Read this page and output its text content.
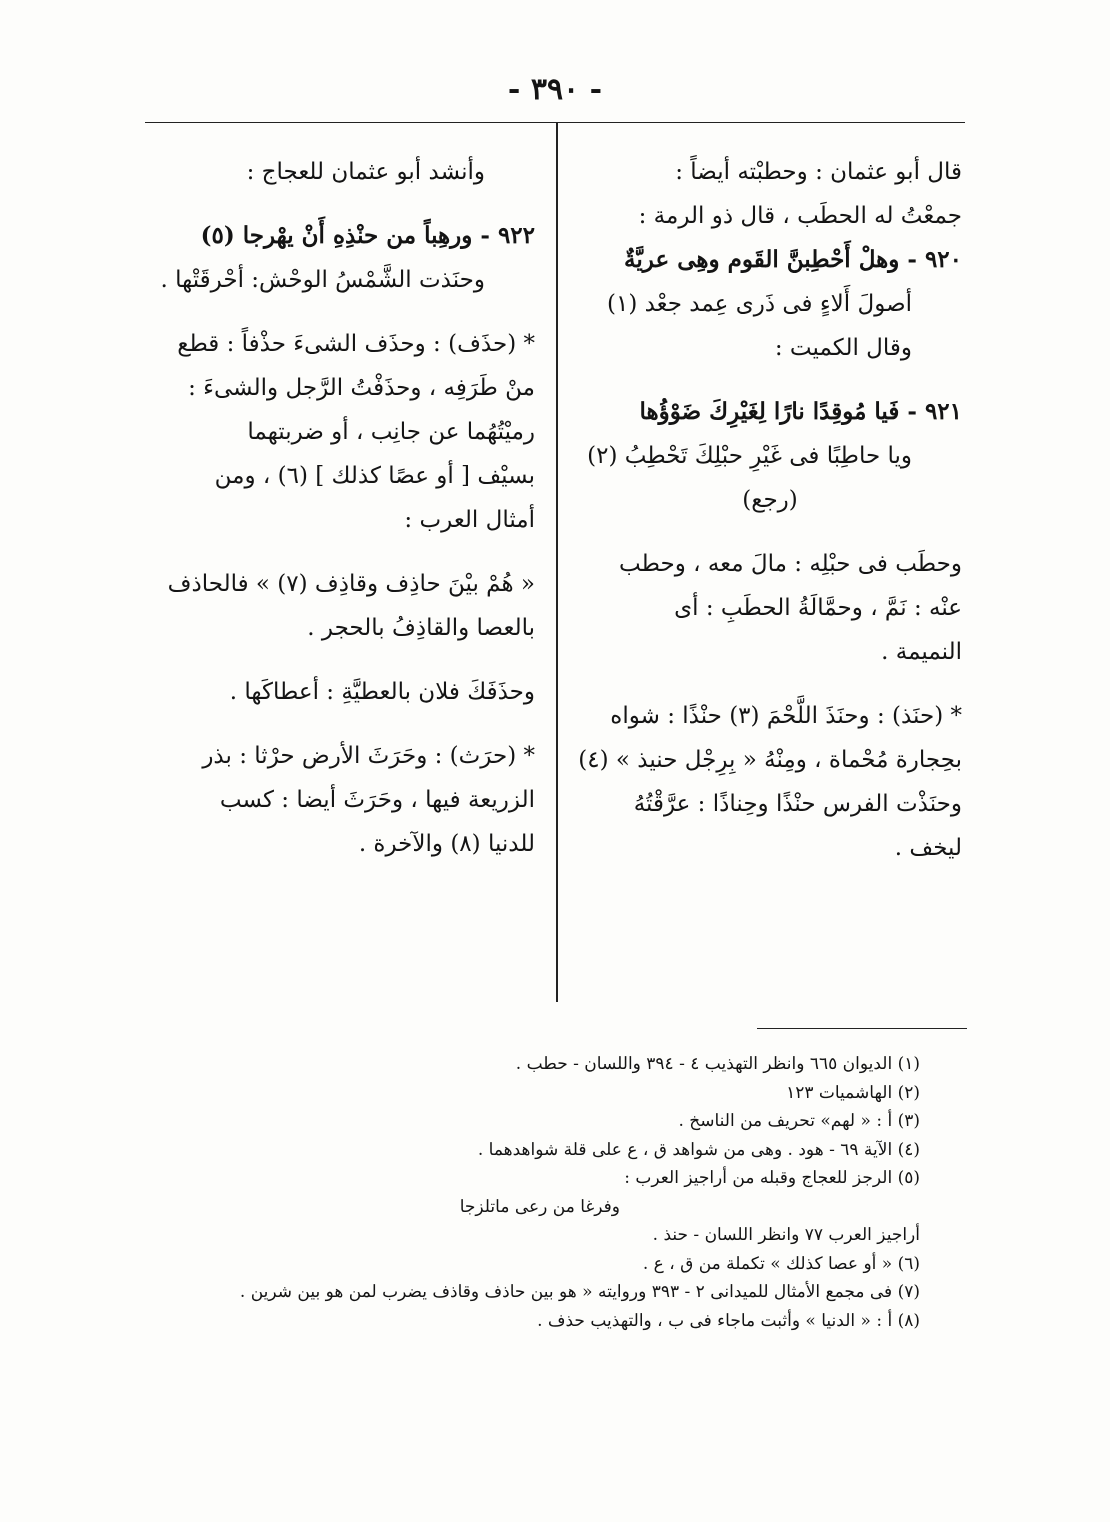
- ٣٩٠ -
قال أبو عثمان : وحطبْته أيضاً :
جمعْتُ له الحطَب ، قال ذو الرمة :
٩٢٠ - وهلْ أَحْطِبنَّ القَوم وهِى عريَّةٌ
أصولَ أَلاءٍ فى ذَرى عِمد جعْد (١)
وقال الكميت :
٩٢١ - فَيا مُوقِدًا نارًا لِغَيْرِكَ ضَوْؤُها
ويا حاطِبًا فى غَيْرِ حبْلِكَ تَحْطِبُ (٢)
(رجع)
وحطَب فى حبْلِه : مالَ معه ، وحطب
عنْه : نَمَّ ، وحمَّالَةُ الحطَبِ : أى
النميمة .
* (حنَذ) : وحنَذَ اللَّحْمَ (٣) حنْذًا : شواه
بحِجارة مُحْماة ، ومِنْهُ « بِرِجْل حنيذ » (٤)
وحنَذْت الفرس حنْذًا وحِناذًا : عرَّقْتُهُ
ليخف .
وأنشد أبو عثمان للعجاج :
٩٢٢ - ورهِباً من حنْذِهِ أَنْ يهْرجا (٥)
وحنَذت الشَّمْسُ الوحْش: أحْرقَتْها .
* (حذَف) : وحذَف الشىءَ حذْفاً : قطع
منْ طَرَفِه ، وحذَفْتُ الرَّجل والشىءَ :
رميْتُهُما عن جانِب ، أو ضربتهما
بسيْف [ أو عصًا كذلك ] (٦) ، ومن
أمثال العرب :
« هُمْ بيْنَ حاذِف وقاذِف (٧) » فالحاذف
بالعصا والقاذِفُ بالحجر .
وحذَفَكَ فلان بالعطيَّةِ : أعطاكَها .
* (حرَث) : وحَرَثَ الأرض حرْثا : بذر
الزريعة فيها ، وحَرَثَ أيضا : كسب
للدنيا (٨) والآخرة .
(١) الديوان ٦٦٥ وانظر التهذيب ٤ - ٣٩٤ واللسان - حطب .
(٢) الهاشميات ١٢٣
(٣) أ : « لهم» تحريف من الناسخ .
(٤) الآية ٦٩ - هود . وهى من شواهد ق ، ع على قلة شواهدهما .
(٥) الرجز للعجاج وقبله من أراجيز العرب :
وفرغا من رعى ماتلزجا
أراجيز العرب ٧٧ وانظر اللسان - حنذ .
(٦) « أو عصا كذلك » تكملة من ق ، ع .
(٧) فى مجمع الأمثال للميدانى ٢ - ٣٩٣ وروايته « هو بين حاذف وقاذف يضرب لمن هو بين شرين .
(٨) أ : « الدنيا » وأثبت ماجاء فى ب ، والتهذيب حذف .
